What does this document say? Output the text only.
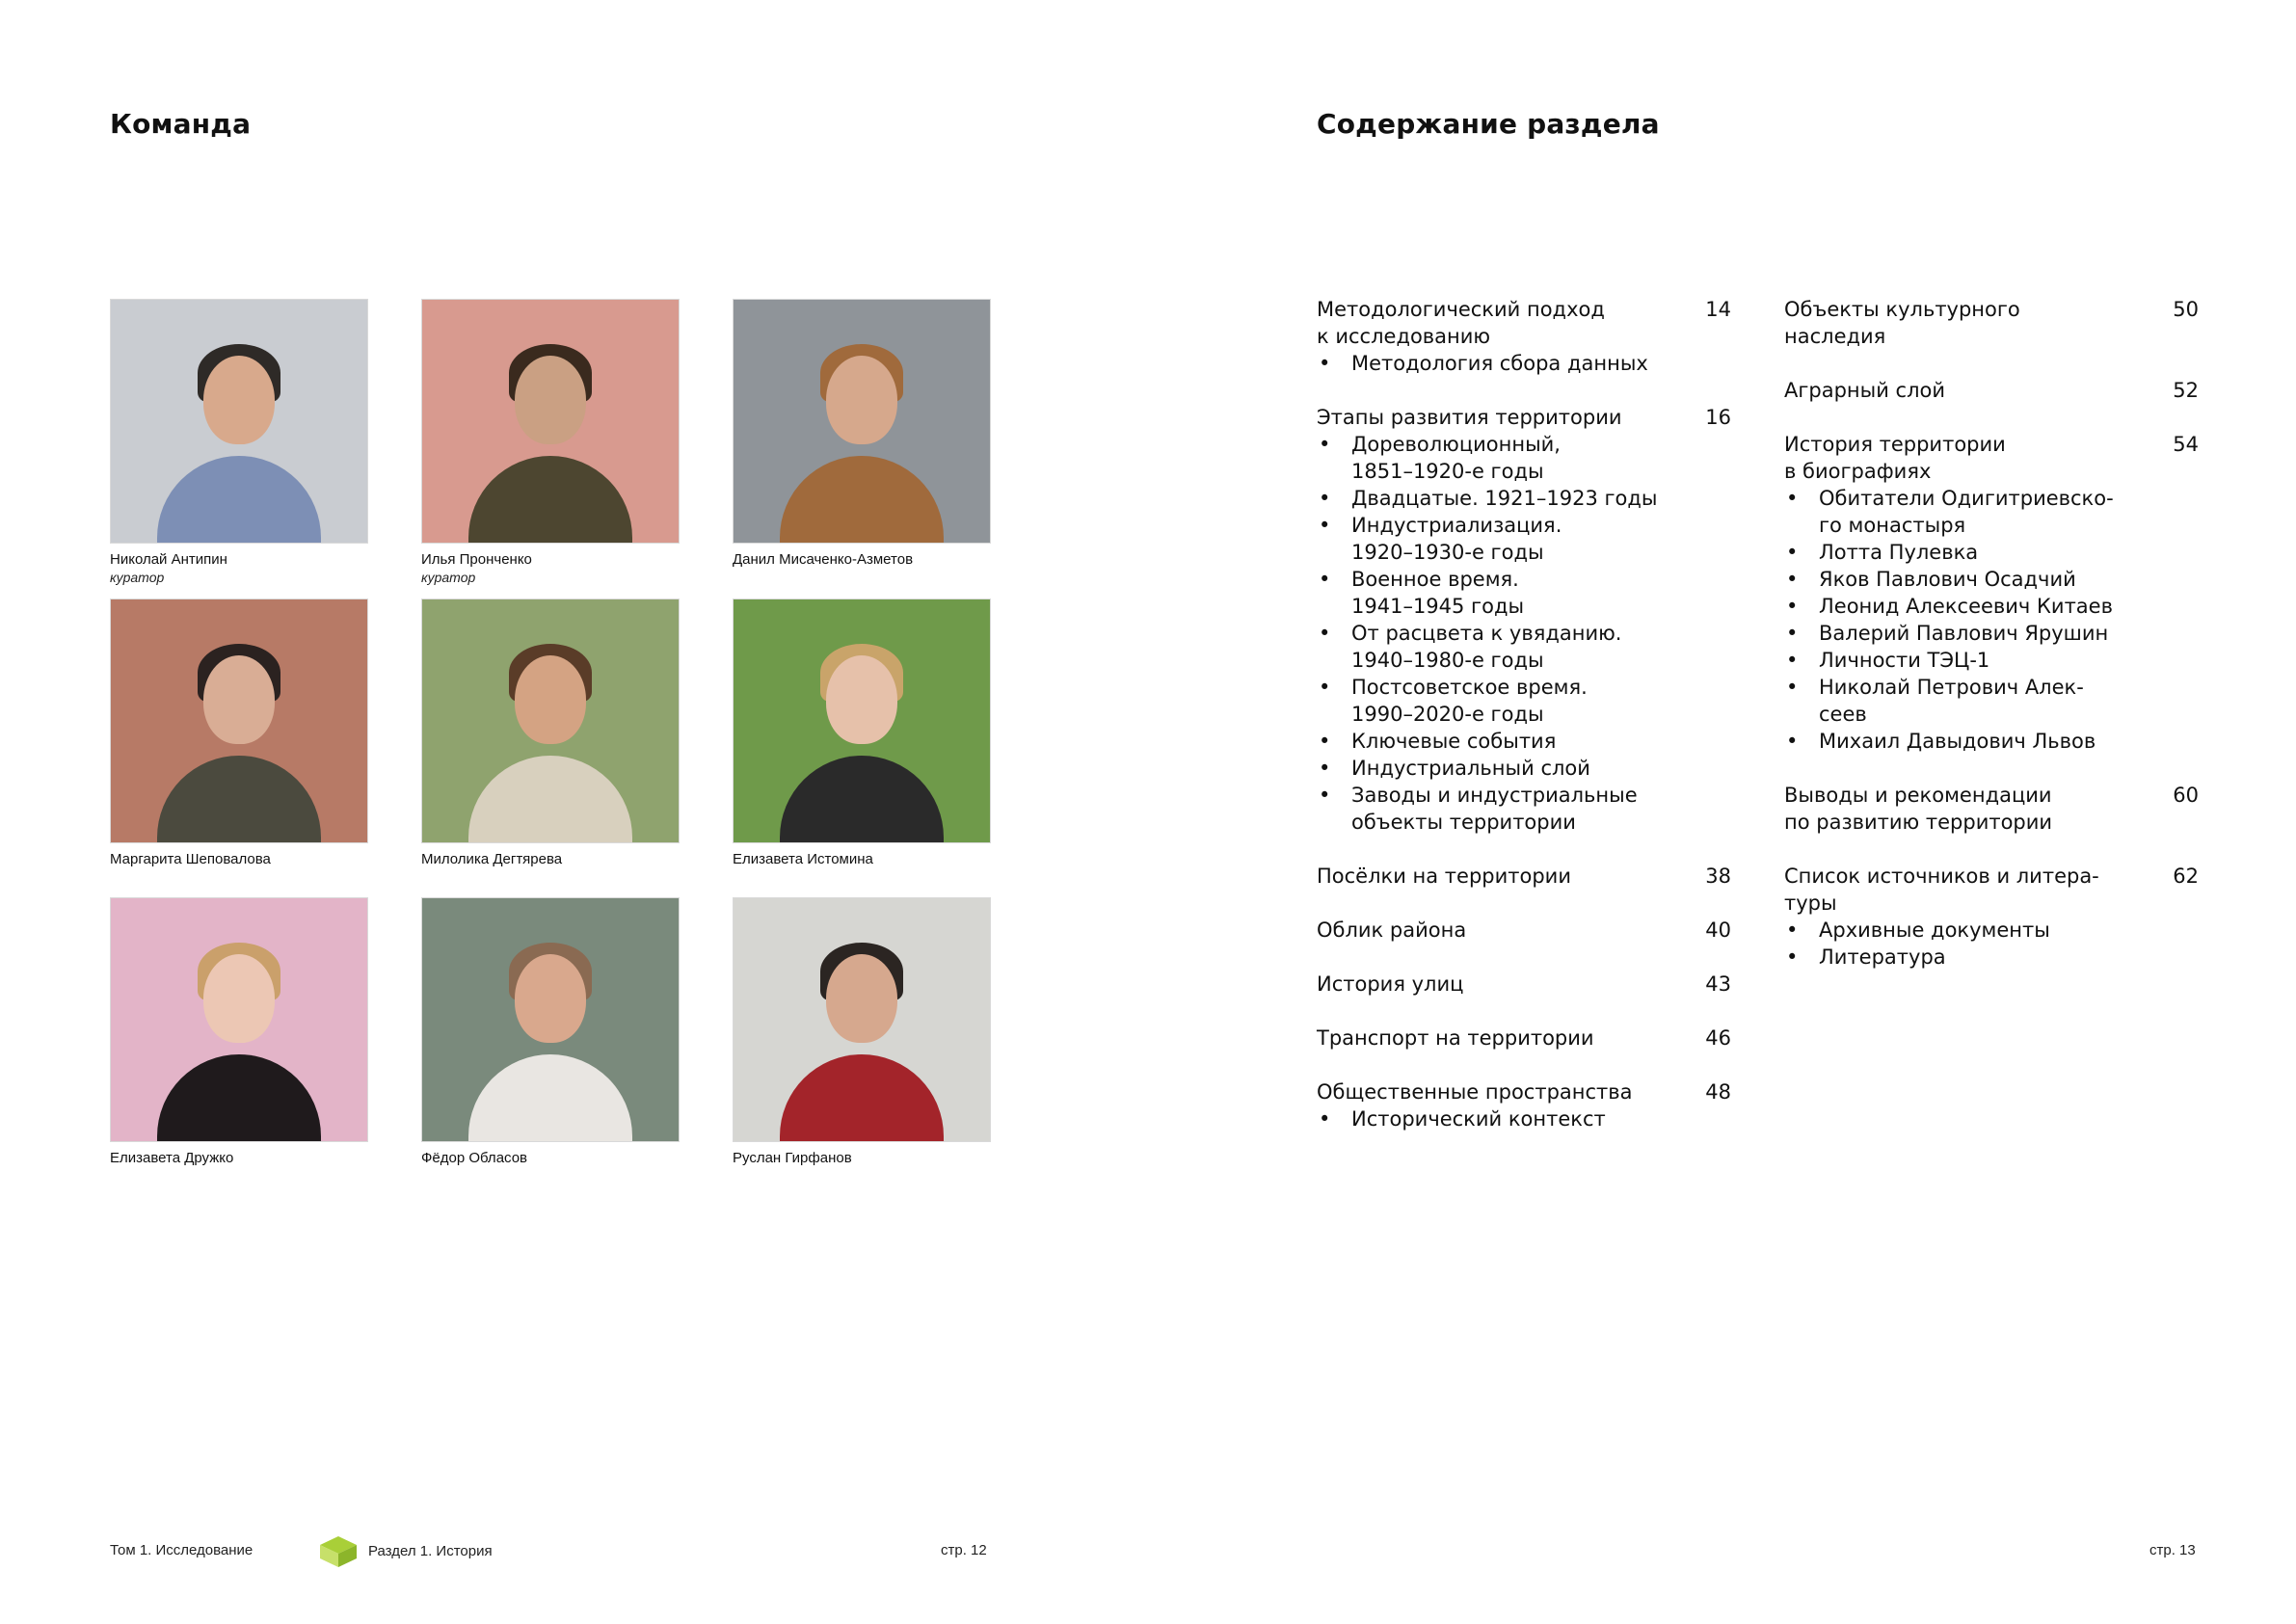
Команда
Николай Антипин
куратор
Илья Пронченко
куратор
Данил Мисаченко-Азметов
Маргарита Шеповалова	Милолика Дегтярева	Елизавета Истомина
Елизавета Дружко	Фёдор Обласов	Руслан Гирфанов
Том 1. Исследование	Раздел 1. История	стр. 12
Содержание раздела
Методологический подход
к исследованию
14
• Методология сбора данных
Этапы развития территории	16
• Дореволюционный,
1851–1920-е годы
• Двадцатые. 1921–1923 годы
• Индустриализация.
1920–1930-е годы
• Военное время.
1941–1945 годы
• От расцвета к увяданию.
1940–1980-е годы
• Постсоветское время.
1990–2020-е годы
• Ключевые события
• Индустриальный слой
• Заводы и индустриальные
объекты территории
Посёлки на территории	38
Облик района	40
История улиц	43
Транспорт на территории	46
Общественные пространства	48
• Исторический контекст
Объекты культурного
наследия
50
Аграрный слой	52
История территории
в биографиях
54
• Обитатели Одигитриевско-
го монастыря
• Лотта Пулевка
• Яков Павлович Осадчий
• Леонид Алексеевич Китаев
• Валерий Павлович Ярушин
• Личности ТЭЦ-1
• Николай Петрович Алек-
сеев
• Михаил Давыдович Львов
Выводы и рекомендации
по развитию территории
60
Список источников и литера-
туры
62
• Архивные документы
• Литература
стр. 13
